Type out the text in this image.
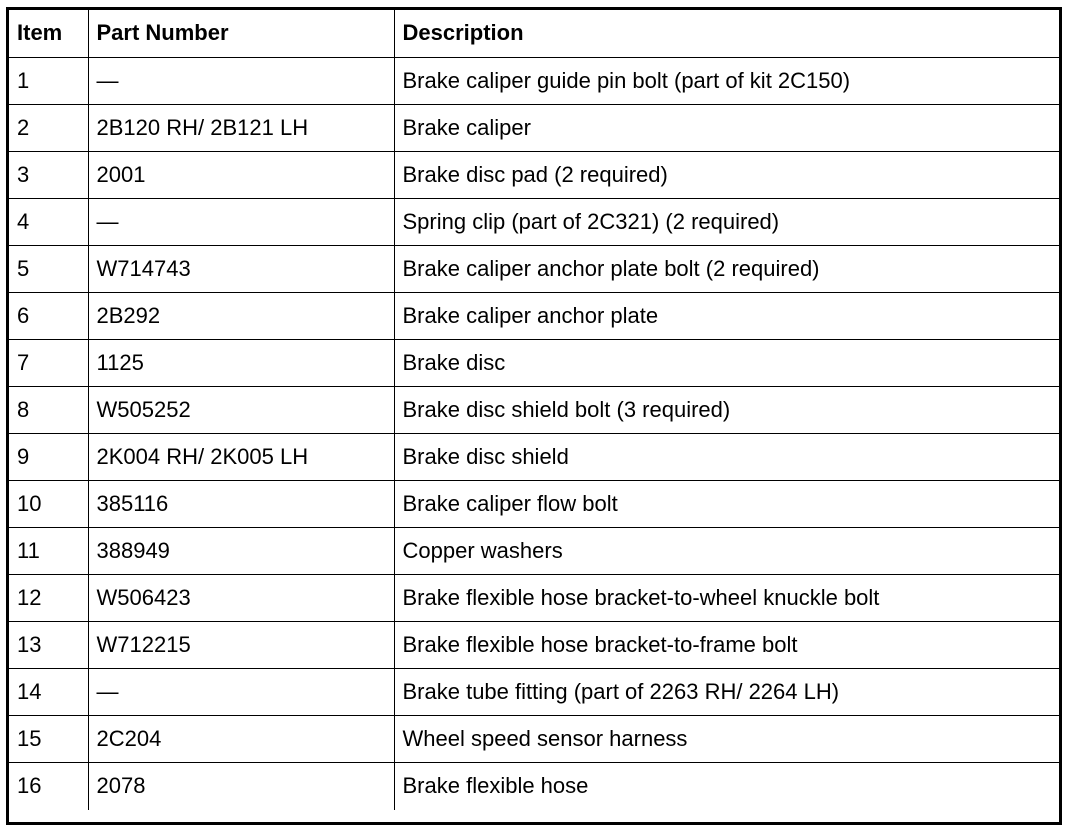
Item	Part Number	Description
1	—	Brake caliper guide pin bolt (part of kit 2C150)
2	2B120 RH/ 2B121 LH	Brake caliper
3	2001	Brake disc pad (2 required)
4	—	Spring clip (part of 2C321) (2 required)
5	W714743	Brake caliper anchor plate bolt (2 required)
6	2B292	Brake caliper anchor plate
7	1125	Brake disc
8	W505252	Brake disc shield bolt (3 required)
9	2K004 RH/ 2K005 LH	Brake disc shield
10	385116	Brake caliper flow bolt
11	388949	Copper washers
12	W506423	Brake flexible hose bracket-to-wheel knuckle bolt
13	W712215	Brake flexible hose bracket-to-frame bolt
14	—	Brake tube fitting (part of 2263 RH/ 2264 LH)
15	2C204	Wheel speed sensor harness
16	2078	Brake flexible hose
